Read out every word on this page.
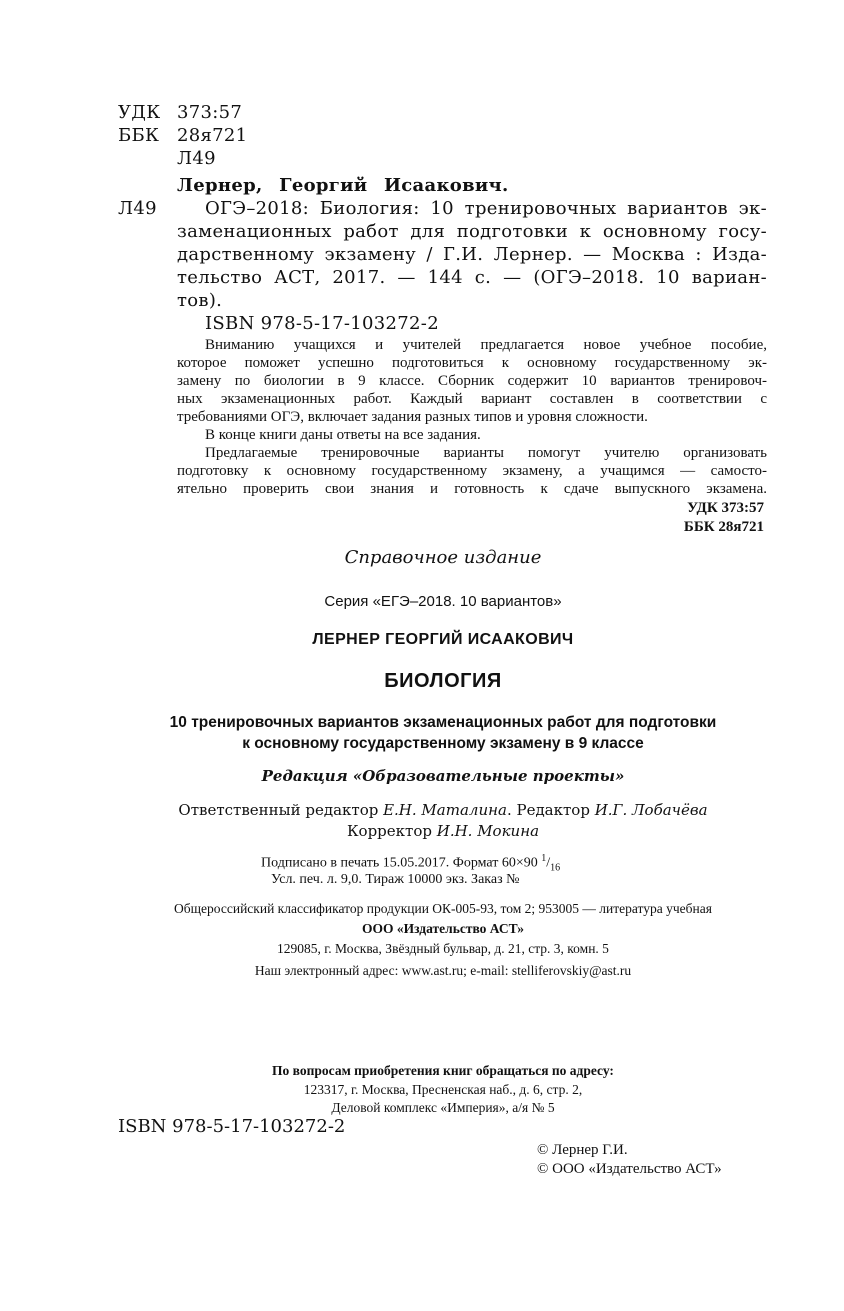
УДК 373:57
ББК 28я721
Л49
Лернер, Георгий Исаакович.
Л49	ОГЭ–2018: Биология: 10 тренировочных вариантов эк-
заменационных работ для подготовки к основному госу-
дарственному экзамену / Г.И. Лернер. — Москва : Изда-
тельство АСТ, 2017. — 144 с. — (ОГЭ–2018. 10 вариан-
тов).
ISBN 978-5-17-103272-2
Вниманию учащихся и учителей предлагается новое учебное пособие,
которое поможет успешно подготовиться к основному государственному эк-
замену по биологии в 9 классе. Сборник содержит 10 вариантов тренировоч-
ных экзаменационных работ. Каждый вариант составлен в соответствии с
требованиями ОГЭ, включает задания разных типов и уровня сложности.
В конце книги даны ответы на все задания.
Предлагаемые тренировочные варианты помогут учителю организовать
подготовку к основному государственному экзамену, а учащимся — самосто-
ятельно проверить свои знания и готовность к сдаче выпускного экзамена.
УДК 373:57
ББК 28я721
Справочное издание
Серия «ЕГЭ–2018. 10 вариантов»
ЛЕРНЕР ГЕОРГИЙ ИСААКОВИЧ
БИОЛОГИЯ
10 тренировочных вариантов экзаменационных работ для подготовки
к основному государственному экзамену в 9 классе
Редакция «Образовательные проекты»
Ответственный редактор Е.Н. Маталина. Редактор И.Г. Лобачёва
Корректор И.Н. Мокина
Подписано в печать 15.05.2017. Формат 60×90 $^1/_{16}$
Усл. печ. л. 9,0. Тираж 10000 экз. Заказ №
Общероссийский классификатор продукции ОК-005-93, том 2; 953005 — литература учебная
ООО «Издательство АСТ»
129085, г. Москва, Звёздный бульвар, д. 21, стр. 3, комн. 5
Наш электронный адрес: www.ast.ru; e-mail: stelliferovskiy@ast.ru
По вопросам приобретения книг обращаться по адресу:
123317, г. Москва, Пресненская наб., д. 6, стр. 2,
Деловой комплекс «Империя», а/я № 5
ISBN 978-5-17-103272-2
© Лернер Г.И.
© ООО «Издательство АСТ»
